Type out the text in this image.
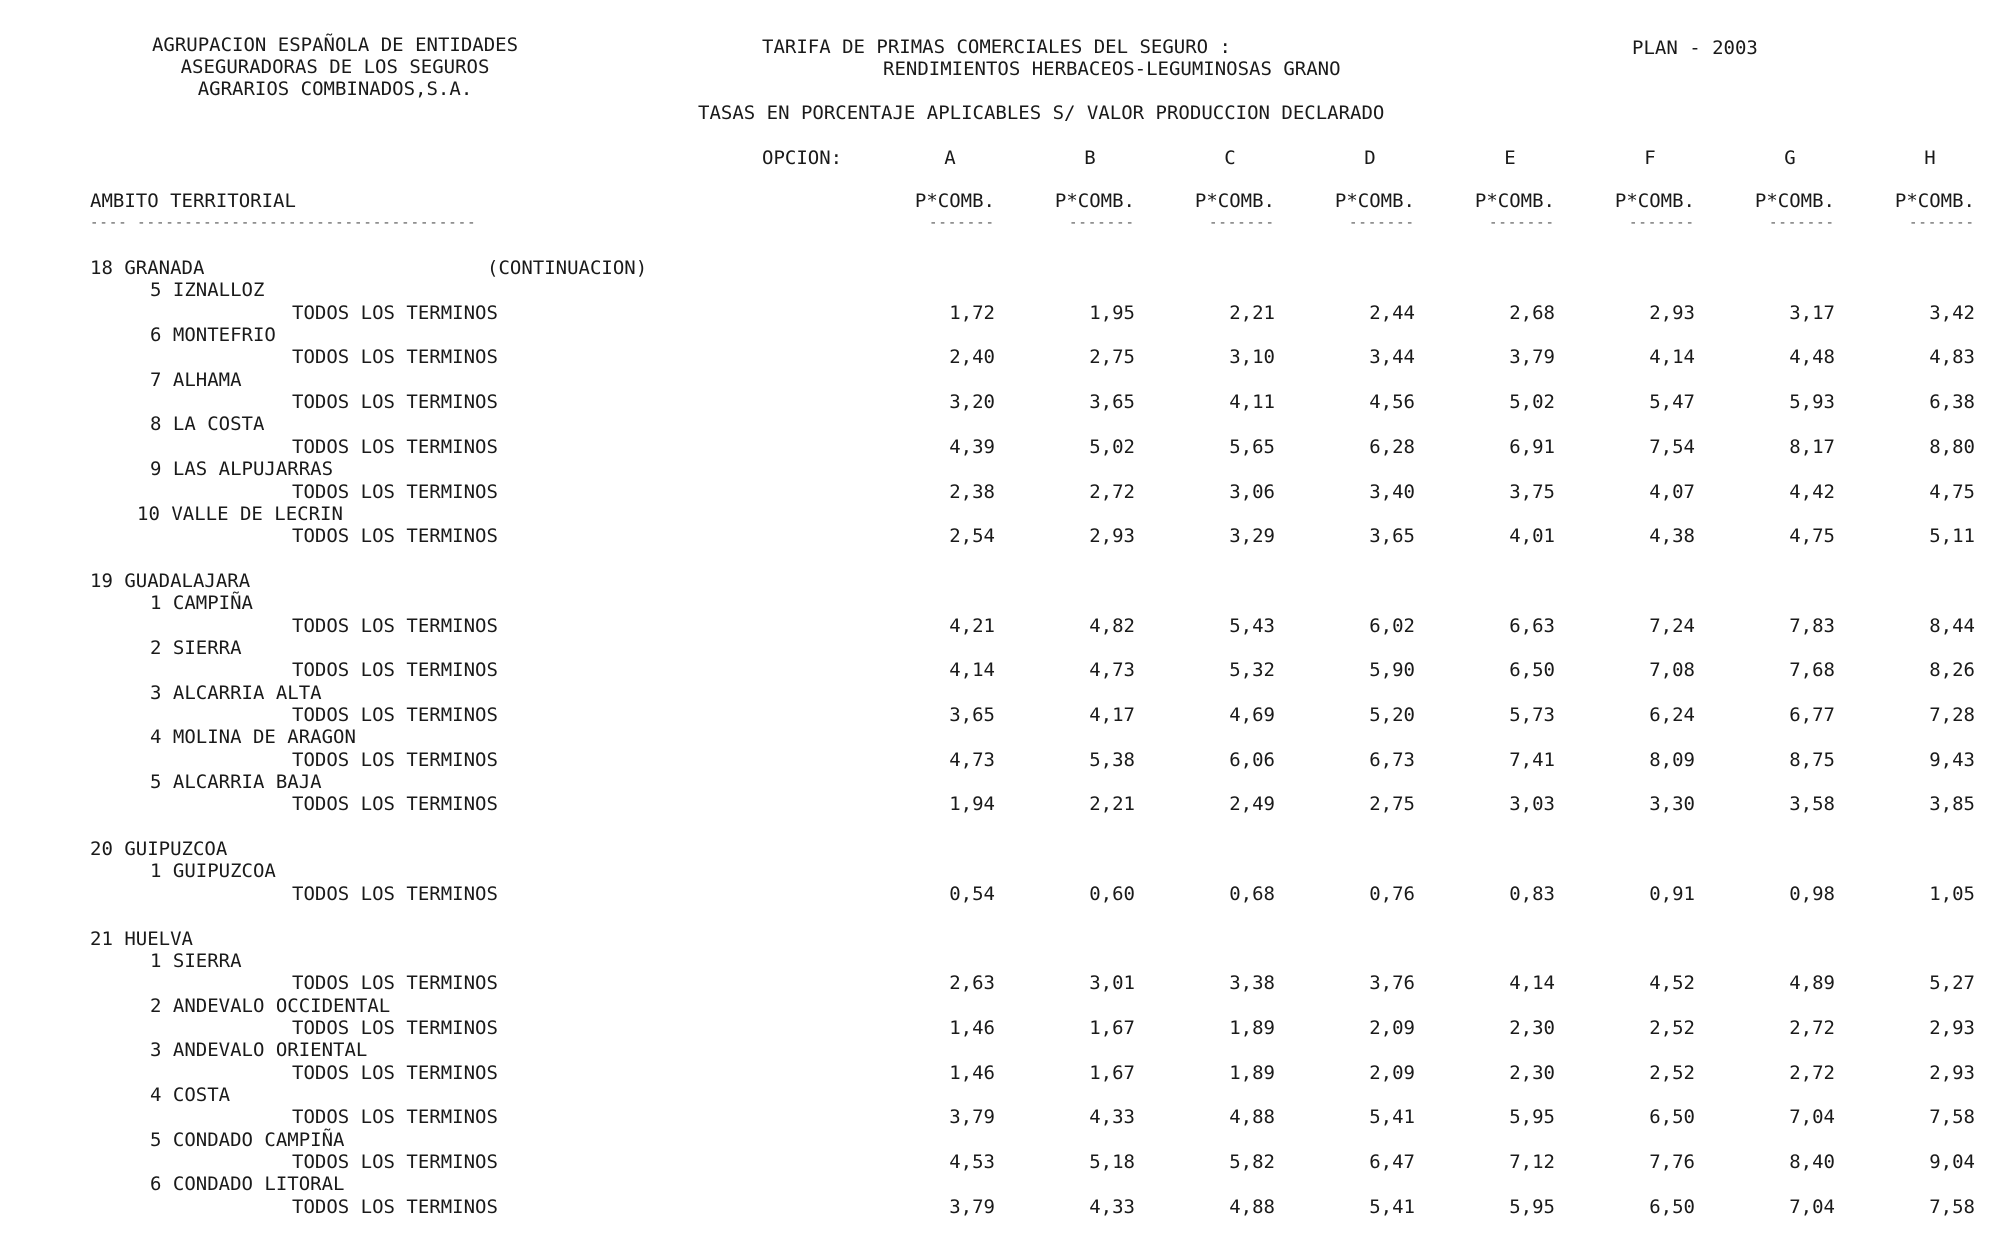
AGRUPACION ESPAÑOLA DE ENTIDADES
ASEGURADORAS DE LOS SEGUROS
AGRARIOS COMBINADOS,S.A.
TARIFA DE PRIMAS COMERCIALES DEL SEGURO :
RENDIMIENTOS HERBACEOS-LEGUMINOSAS GRANO
PLAN - 2003
TASAS EN PORCENTAJE APLICABLES S/ VALOR PRODUCCION DECLARADO
OPCION:	A	B	C	D	E	F	G	H
AMBITO TERRITORIAL	P*COMB.	P*COMB.	P*COMB.	P*COMB.	P*COMB.	P*COMB.	P*COMB.	P*COMB.
---- ------------------------------------	-------	-------	-------	-------	-------	-------	-------	-------
18 GRANADA	(CONTINUACION)
5 IZNALLOZ
TODOS LOS TERMINOS	1,72	1,95	2,21	2,44	2,68	2,93	3,17	3,42
6 MONTEFRIO
TODOS LOS TERMINOS	2,40	2,75	3,10	3,44	3,79	4,14	4,48	4,83
7 ALHAMA
TODOS LOS TERMINOS	3,20	3,65	4,11	4,56	5,02	5,47	5,93	6,38
8 LA COSTA
TODOS LOS TERMINOS	4,39	5,02	5,65	6,28	6,91	7,54	8,17	8,80
9 LAS ALPUJARRAS
TODOS LOS TERMINOS	2,38	2,72	3,06	3,40	3,75	4,07	4,42	4,75
10 VALLE DE LECRIN
TODOS LOS TERMINOS	2,54	2,93	3,29	3,65	4,01	4,38	4,75	5,11
19 GUADALAJARA
1 CAMPIÑA
TODOS LOS TERMINOS	4,21	4,82	5,43	6,02	6,63	7,24	7,83	8,44
2 SIERRA
TODOS LOS TERMINOS	4,14	4,73	5,32	5,90	6,50	7,08	7,68	8,26
3 ALCARRIA ALTA
TODOS LOS TERMINOS	3,65	4,17	4,69	5,20	5,73	6,24	6,77	7,28
4 MOLINA DE ARAGON
TODOS LOS TERMINOS	4,73	5,38	6,06	6,73	7,41	8,09	8,75	9,43
5 ALCARRIA BAJA
TODOS LOS TERMINOS	1,94	2,21	2,49	2,75	3,03	3,30	3,58	3,85
20 GUIPUZCOA
1 GUIPUZCOA
TODOS LOS TERMINOS	0,54	0,60	0,68	0,76	0,83	0,91	0,98	1,05
21 HUELVA
1 SIERRA
TODOS LOS TERMINOS	2,63	3,01	3,38	3,76	4,14	4,52	4,89	5,27
2 ANDEVALO OCCIDENTAL
TODOS LOS TERMINOS	1,46	1,67	1,89	2,09	2,30	2,52	2,72	2,93
3 ANDEVALO ORIENTAL
TODOS LOS TERMINOS	1,46	1,67	1,89	2,09	2,30	2,52	2,72	2,93
4 COSTA
TODOS LOS TERMINOS	3,79	4,33	4,88	5,41	5,95	6,50	7,04	7,58
5 CONDADO CAMPIÑA
TODOS LOS TERMINOS	4,53	5,18	5,82	6,47	7,12	7,76	8,40	9,04
6 CONDADO LITORAL
TODOS LOS TERMINOS	3,79	4,33	4,88	5,41	5,95	6,50	7,04	7,58
